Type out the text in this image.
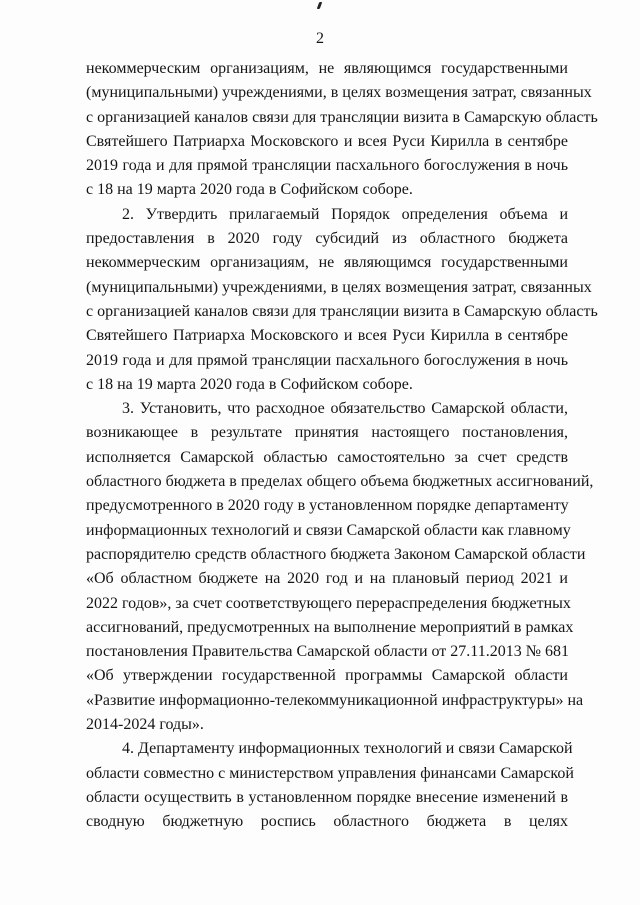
2
некоммерческим организациям, не являющимся государственными
(муниципальными) учреждениями, в целях возмещения затрат, связанных
с организацией каналов связи для трансляции визита в Самарскую область
Святейшего Патриарха Московского и всея Руси Кирилла в сентябре
2019 года и для прямой трансляции пасхального богослужения в ночь
с 18 на 19 марта 2020 года в Софийском соборе.
2. Утвердить прилагаемый Порядок определения объема и
предоставления в 2020 году субсидий из областного бюджета
некоммерческим организациям, не являющимся государственными
(муниципальными) учреждениями, в целях возмещения затрат, связанных
с организацией каналов связи для трансляции визита в Самарскую область
Святейшего Патриарха Московского и всея Руси Кирилла в сентябре
2019 года и для прямой трансляции пасхального богослужения в ночь
с 18 на 19 марта 2020 года в Софийском соборе.
3. Установить, что расходное обязательство Самарской области,
возникающее в результате принятия настоящего постановления,
исполняется Самарской областью самостоятельно за счет средств
областного бюджета в пределах общего объема бюджетных ассигнований,
предусмотренного в 2020 году в установленном порядке департаменту
информационных технологий и связи Самарской области как главному
распорядителю средств областного бюджета Законом Самарской области
«Об областном бюджете на 2020 год и на плановый период 2021 и
2022 годов», за счет соответствующего перераспределения бюджетных
ассигнований, предусмотренных на выполнение мероприятий в рамках
постановления Правительства Самарской области от 27.11.2013 № 681
«Об утверждении государственной программы Самарской области
«Развитие информационно-телекоммуникационной инфраструктуры» на
2014-2024 годы».
4. Департаменту информационных технологий и связи Самарской
области совместно с министерством управления финансами Самарской
области осуществить в установленном порядке внесение изменений в
сводную бюджетную роспись областного бюджета в целях
